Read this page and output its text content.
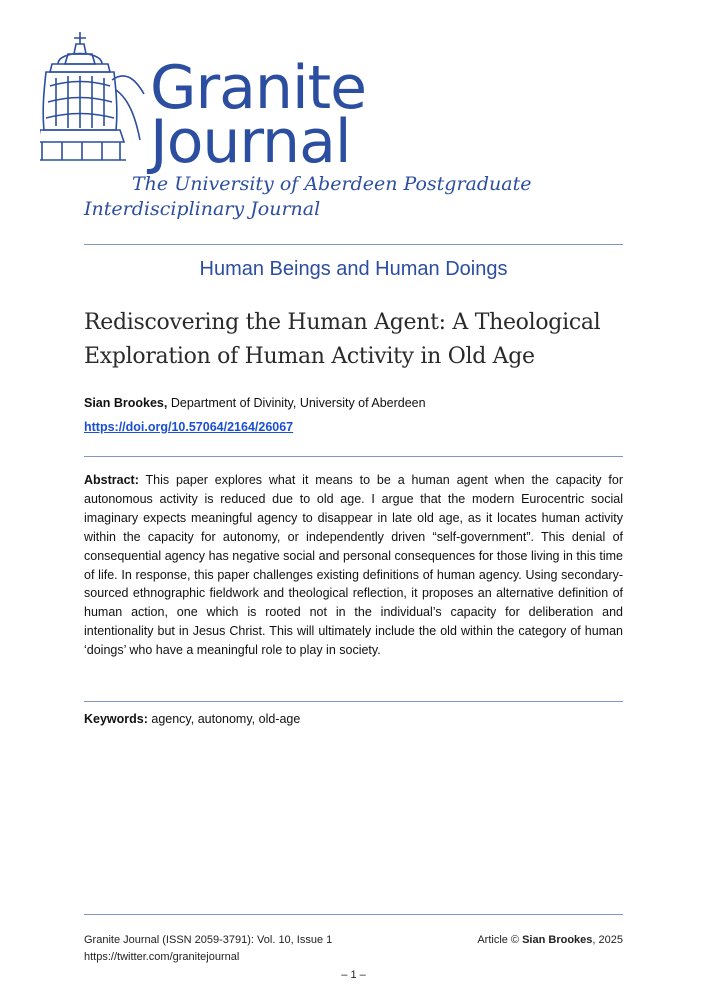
Granite
Journal
The University of Aberdeen Postgraduate Interdisciplinary Journal
Human Beings and Human Doings
Rediscovering the Human Agent: A Theological Exploration of Human Activity in Old Age
Sian Brookes, Department of Divinity, University of Aberdeen
https://doi.org/10.57064/2164/26067
Abstract: This paper explores what it means to be a human agent when the capacity for autonomous activity is reduced due to old age. I argue that the modern Eurocentric social imaginary expects meaningful agency to disappear in late old age, as it locates human activity within the capacity for autonomy, or independently driven “self-government”. This denial of consequential agency has negative social and personal consequences for those living in this time of life. In response, this paper challenges existing definitions of human agency. Using secondary-sourced ethnographic fieldwork and theological reflection, it proposes an alternative definition of human action, one which is rooted not in the individual’s capacity for deliberation and intentionality but in Jesus Christ. This will ultimately include the old within the category of human ‘doings’ who have a meaningful role to play in society.
Keywords: agency, autonomy, old-age
Granite Journal (ISSN 2059-3791): Vol. 10, Issue 1
https://twitter.com/granitejournal
Article © Sian Brookes, 2025
– 1 –
